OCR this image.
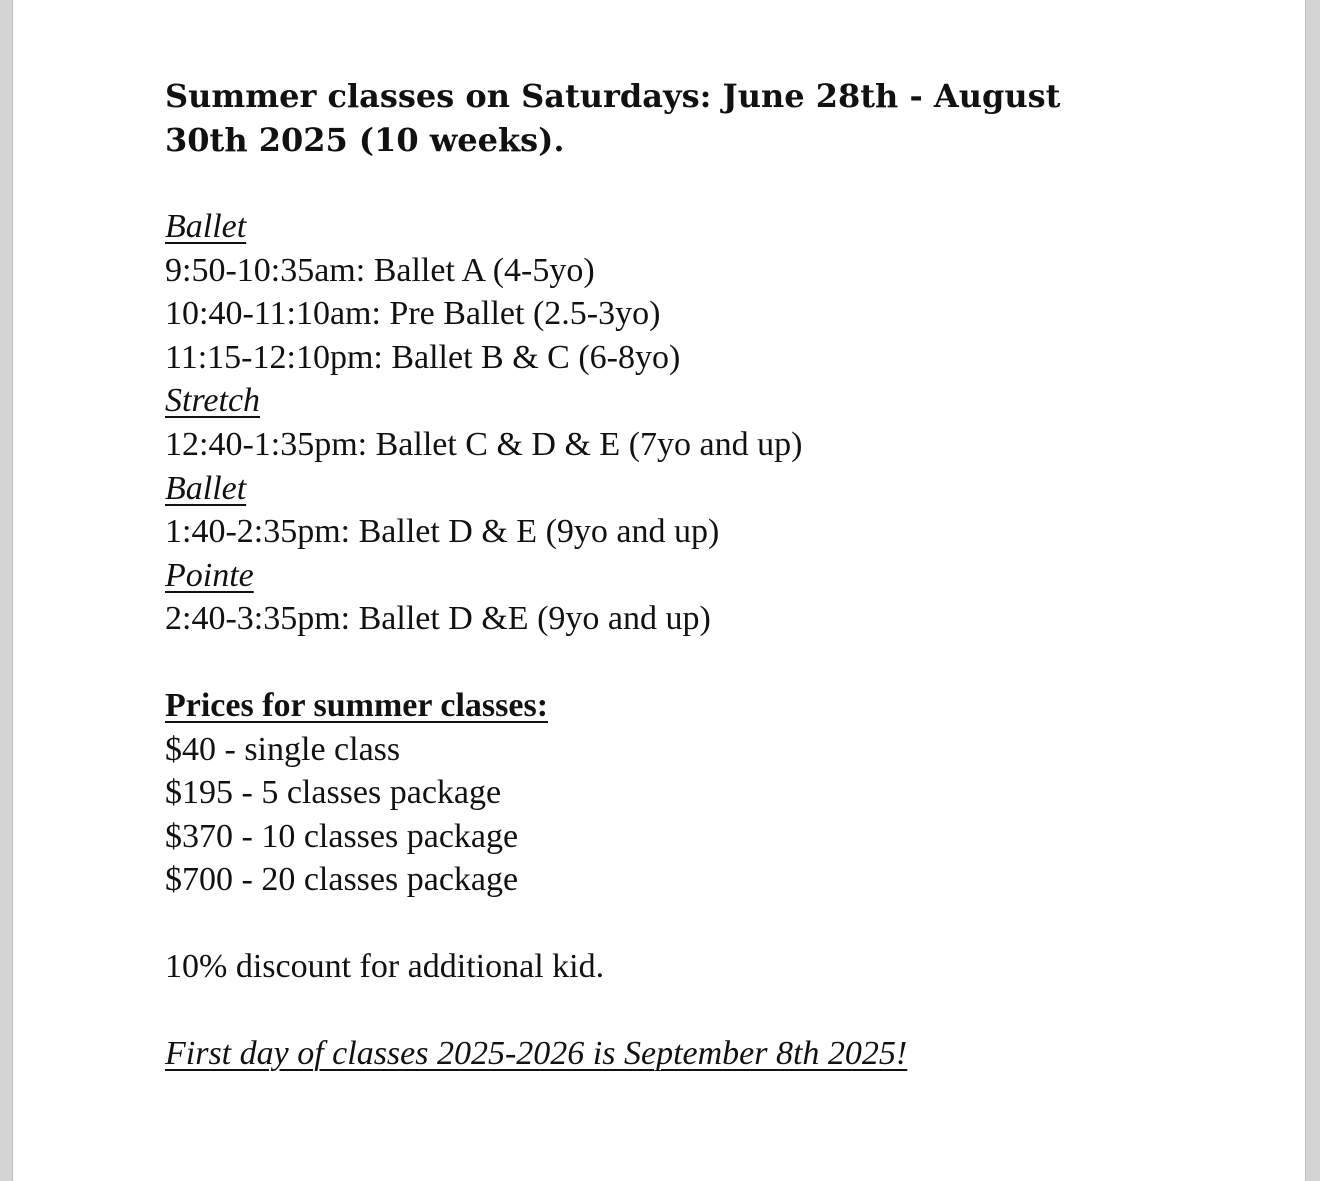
Summer classes on Saturdays: June 28th - August 30th 2025 (10 weeks).

Ballet

9:50-10:35am: Ballet A (4-5yo)

10:40-11:10am: Pre Ballet (2.5-3yo)

11:15-12:10pm: Ballet B & C (6-8yo)

Stretch

12:40-1:35pm: Ballet C & D & E (7yo and up)

Ballet

1:40-2:35pm: Ballet D & E (9yo and up)

Pointe

2:40-3:35pm: Ballet D &E (9yo and up)

Prices for summer classes:

$40 - single class

$195 - 5 classes package

$370 - 10 classes package

$700 - 20 classes package

10% discount for additional kid.

First day of classes 2025-2026 is September 8th 2025!
